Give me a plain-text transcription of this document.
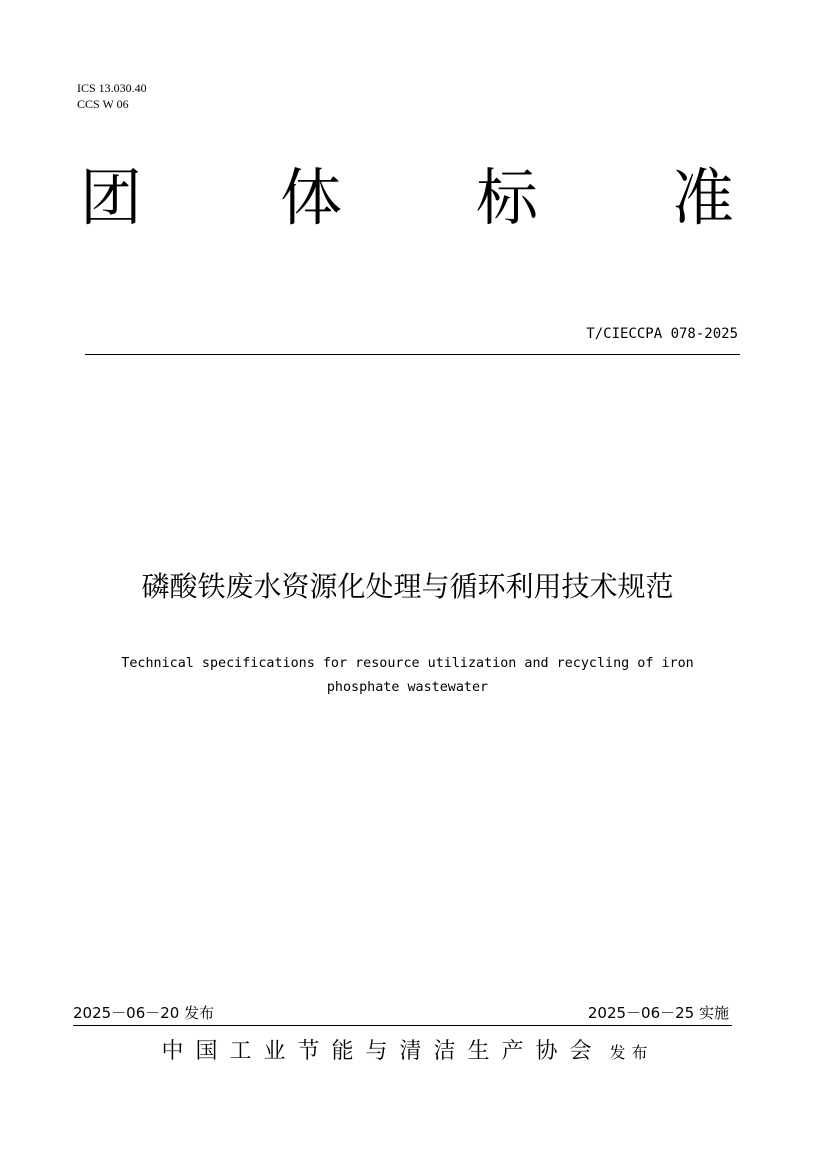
ICS 13.030.40
CCS W 06
团 体 标 准
T/CIECCPA 078-2025
磷酸铁废水资源化处理与循环利用技术规范
Technical specifications for resource utilization and recycling of iron
phosphate wastewater
2025－06－20 发布	2025－06－25 实施
中国工业节能与清洁生产协会 发布
